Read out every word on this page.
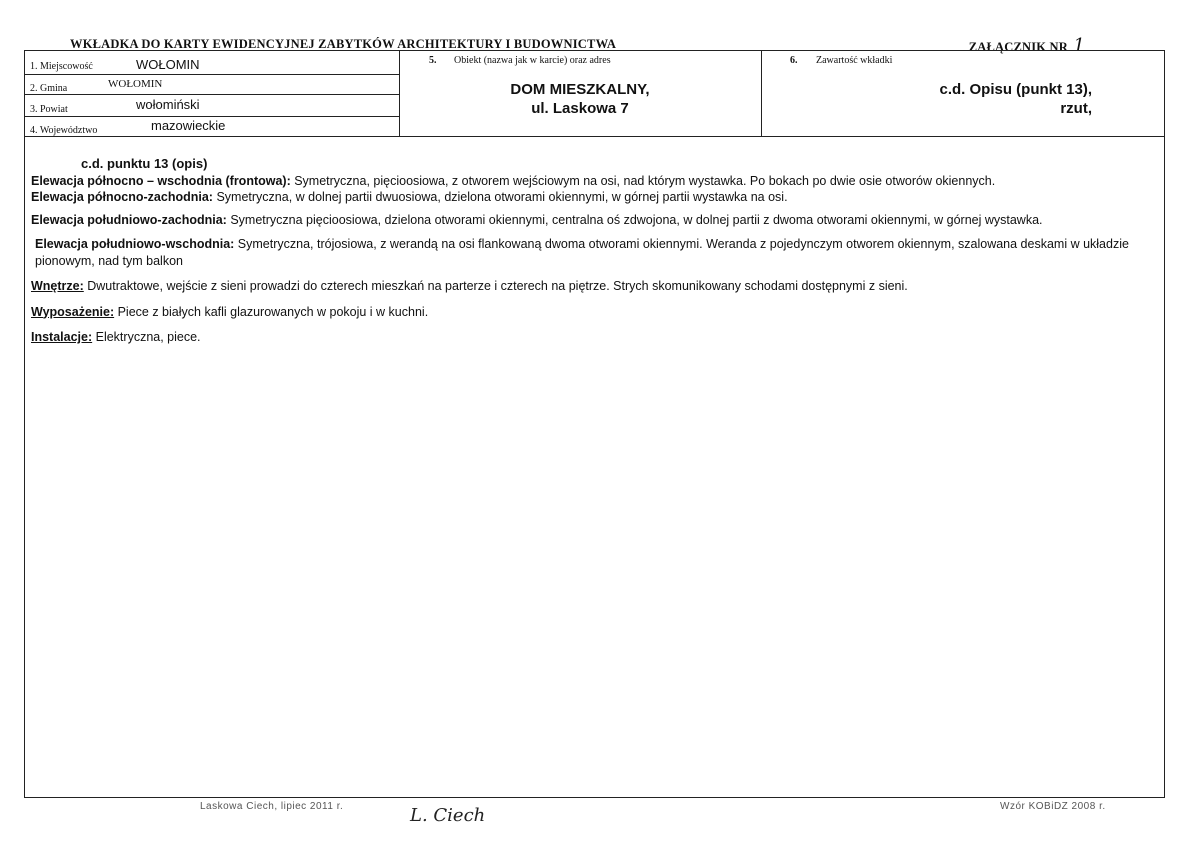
WKŁADKA DO KARTY EWIDENCYJNEJ ZABYTKÓW ARCHITEKTURY I BUDOWNICTWA	ZAŁĄCZNIK NR 1
1. Miejscowość	WOŁOMIN
2. Gmina	WOŁOMIN
3. Powiat	wołomiński
4. Województwo	mazowieckie
5. Obiekt (nazwa jak w karcie) oraz adres
DOM MIESZKALNY,
ul. Laskowa 7
6. Zawartość wkładki
c.d. Opisu (punkt 13),
rzut,

c.d. punktu 13 (opis)

Elewacja północno – wschodnia (frontowa): Symetryczna, pięcioosiowa, z otworem wejściowym na osi, nad którym wystawka. Po bokach po dwie osie otworów okiennych.

Elewacja północno-zachodnia: Symetryczna, w dolnej partii dwuosiowa, dzielona otworami okiennymi, w górnej partii wystawka na osi.

Elewacja południowo-zachodnia: Symetryczna pięcioosiowa, dzielona otworami okiennymi, centralna oś zdwojona, w dolnej partii z dwoma otworami okiennymi, w górnej wystawka.

Elewacja południowo-wschodnia: Symetryczna, trójosiowa, z werandą na osi flankowaną dwoma otworami okiennymi. Weranda z pojedynczym otworem okiennym, szalowana deskami w układzie pionowym, nad tym balkon

Wnętrze: Dwutraktowe, wejście z sieni prowadzi do czterech mieszkań na parterze i czterech na piętrze. Strych skomunikowany schodami dostępnymi z sieni.

Wyposażenie: Piece z białych kafli glazurowanych w pokoju i w kuchni.

Instalacje: Elektryczna, piece.

Laskowa Ciech, lipiec 2011 r.	L. Ciech	Wzór KOBiDZ 2008 r.
